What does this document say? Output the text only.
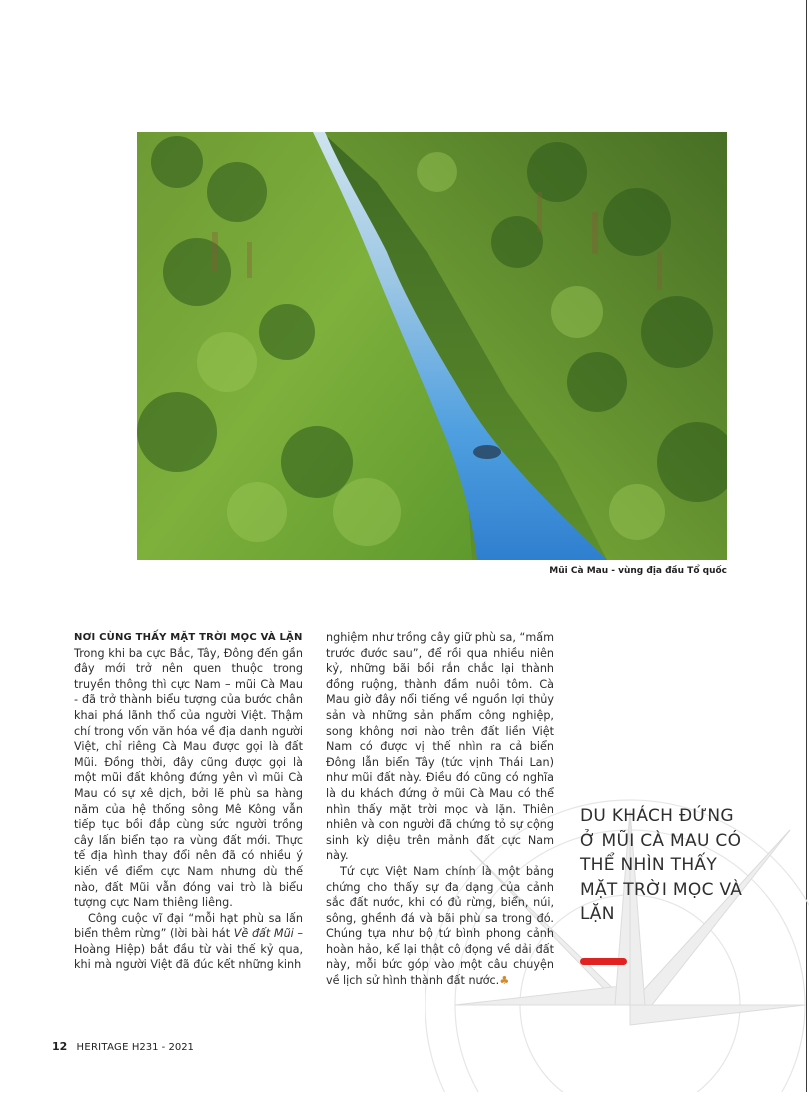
Mũi Cà Mau - vùng địa đầu Tổ quốc

NƠI CÙNG THẤY MẶT TRỜI MỌC VÀ LẶN

Trong khi ba cực Bắc, Tây, Đông đến gần đây mới trở nên quen thuộc trong truyền thông thì cực Nam – mũi Cà Mau - đã trở thành biểu tượng của bước chân khai phá lãnh thổ của người Việt. Thậm chí trong vốn văn hóa về địa danh người Việt, chỉ riêng Cà Mau được gọi là đất Mũi. Đồng thời, đây cũng được gọi là một mũi đất không đứng yên vì mũi Cà Mau có sự xê dịch, bởi lẽ phù sa hàng năm của hệ thống sông Mê Kông vẫn tiếp tục bồi đắp cùng sức người trồng cây lấn biển tạo ra vùng đất mới. Thực tế địa hình thay đổi nên đã có nhiều ý kiến về điểm cực Nam nhưng dù thế nào, đất Mũi vẫn đóng vai trò là biểu tượng cực Nam thiêng liêng.

Công cuộc vĩ đại “mỗi hạt phù sa lấn biển thêm rừng” (lời bài hát Về đất Mũi – Hoàng Hiệp) bắt đầu từ vài thế kỷ qua, khi mà người Việt đã đúc kết những kinh

nghiệm như trồng cây giữ phù sa, “mấm trước đước sau”, để rồi qua nhiều niên kỷ, những bãi bồi rắn chắc lại thành đồng ruộng, thành đầm nuôi tôm. Cà Mau giờ đây nổi tiếng về nguồn lợi thủy sản và những sản phẩm công nghiệp, song không nơi nào trên đất liền Việt Nam có được vị thế nhìn ra cả biển Đông lẫn biển Tây (tức vịnh Thái Lan) như mũi đất này. Điều đó cũng có nghĩa là du khách đứng ở mũi Cà Mau có thể nhìn thấy mặt trời mọc và lặn. Thiên nhiên và con người đã chứng tỏ sự cộng sinh kỳ diệu trên mảnh đất cực Nam này.

Tứ cực Việt Nam chính là một bảng chứng cho thấy sự đa dạng của cảnh sắc đất nước, khi có đủ rừng, biển, núi, sông, ghềnh đá và bãi phù sa trong đó. Chúng tựa như bộ tứ bình phong cảnh hoàn hảo, kể lại thật cô đọng về dải đất này, mỗi bức góp vào một câu chuyện về lịch sử hình thành đất nước.♣

DU KHÁCH ĐỨNG Ở MŨI CÀ MAU CÓ THỂ NHÌN THẤY MẶT TRỜI MỌC VÀ LẶN
12 HERITAGE H231 - 2021
